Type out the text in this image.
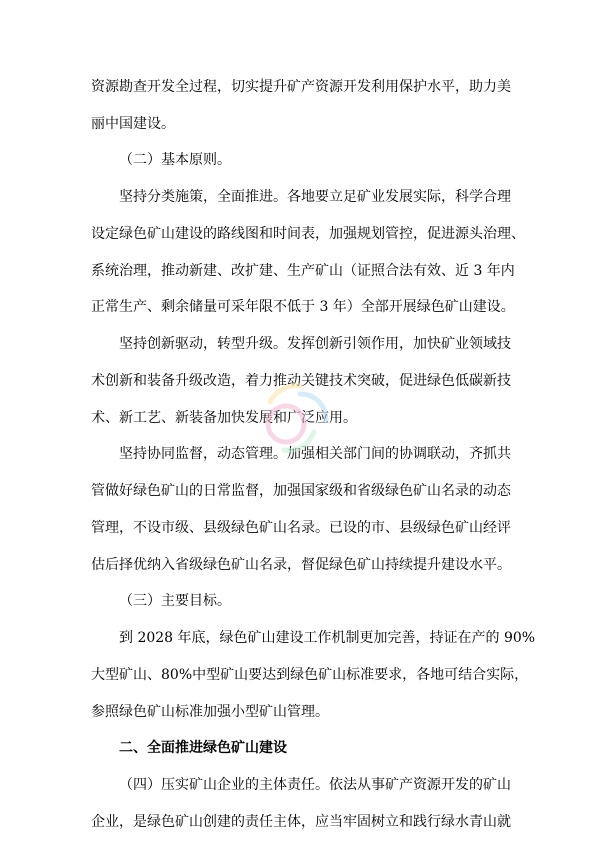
资源勘查开发全过程，切实提升矿产资源开发利用保护水平，助力美
丽中国建设。
（二）基本原则。
坚持分类施策，全面推进。各地要立足矿业发展实际，科学合理
设定绿色矿山建设的路线图和时间表，加强规划管控，促进源头治理、
系统治理，推动新建、改扩建、生产矿山（证照合法有效、近 3 年内
正常生产、剩余储量可采年限不低于 3 年）全部开展绿色矿山建设。
坚持创新驱动，转型升级。发挥创新引领作用，加快矿业领域技
术创新和装备升级改造，着力推动关键技术突破，促进绿色低碳新技
术、新工艺、新装备加快发展和广泛应用。
坚持协同监督，动态管理。加强相关部门间的协调联动，齐抓共
管做好绿色矿山的日常监督，加强国家级和省级绿色矿山名录的动态
管理，不设市级、县级绿色矿山名录。已设的市、县级绿色矿山经评
估后择优纳入省级绿色矿山名录，督促绿色矿山持续提升建设水平。
（三）主要目标。
到 2028 年底，绿色矿山建设工作机制更加完善，持证在产的 90%
大型矿山、80%中型矿山要达到绿色矿山标准要求，各地可结合实际，
参照绿色矿山标准加强小型矿山管理。
二、全面推进绿色矿山建设
（四）压实矿山企业的主体责任。依法从事矿产资源开发的矿山
企业，是绿色矿山创建的责任主体，应当牢固树立和践行绿水青山就
